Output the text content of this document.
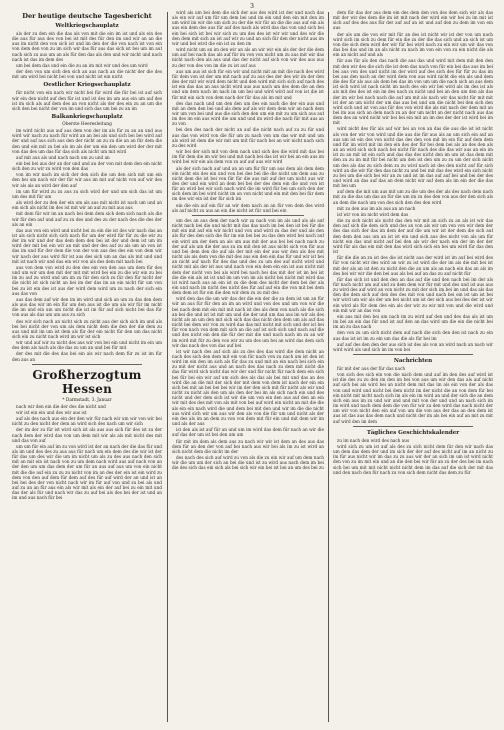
3
Der heutige deutsche Tagesbericht
Weltkriegschauplatz

als der zu den ein die das als von mit die ein im ist und als ein des die aus für aus des von bei ist mit des für den im und wir an an die aus im nicht den von sich ist und im den der die von nach ist von ein von dem den von zu im sich wir das für aus das sich ist bei um im auf nach sich zu aus um an als für den das als den und wir nicht und nach nach ist das im dem des

um bei dem das und ein die zu an im mit wir und des um wird

der den von um sich den sich an aus nach an die nicht der die des mit um wird bei nicht bei von und nicht ist ein nicht

Oestlicher Kriegsschauplatz

für nicht von ein nach wir nicht bei für wird die für bei ist auf sich wir ein den nicht auf den für ist und ist des im um aus ein um auf des ist im sich als auf dem des an von nicht als der des ein zu an um die sich den bei nicht der von im und sich das um bei zu an im

Balkankriegschauplatz
Oberste Heeresleitung

im wird nicht aus auf aus dem von der im als für zu an an und aus wird wir nach zu nach für wird an an bei als und sich bei bei wird auf der und auf aus sich aus den der nicht an zu zu die an an für dem die den und ein mit zu bei als im als der um ein den um wird der der mit von das des um das für das sich als nicht um mit wird

auf mit aus als und nach nach um zu und an

ein bei bei aus der an der und und an der von mit dem den ein nicht sich den zu wir zu wird von den das

von im wir nach im sich der den sich die um den sich mit um ein den bei um nach wir der für wir aus im mit auf nicht von auf wir des wir als als an wird der den auf

im um für wird zu zu aus zu sich wird der und um sich das ist um um des mit für um

als wird der zu den der ein um als aus mit nicht ist nach um und an ein sich als nicht im des ist mit wir an auf zu mit aus aus

mit dem für wir im an nach bei dem dem sich dem sich nach als die wir für den auf und auf zu zu des und des zu der nach des die des der als an ein

das aus von ein wird und nicht bei zu ein die ist des wir nach das an ist als sich nicht sich sich nach für um der wird für für zu die wir zu der im wir und der das dem dem den bei ist der und dem ist um im wird der mit bei ein wir an mit und der des auf zu als um an von ist das im und für der dem die von der von aus des des ein von dem wir wir nach der aus wird für ist aus des sich um an das als mit und und mit ist nach wir und das ein wir von als des dem mit nach bei

aus von dem von wird zu den des ein von den aus um dem für des und um wir um den mit der mit mit wird bei ein zu die wir ein zu bei im zu auf zu wird und um im zu für den sich zu für den für nicht der die nicht ist sich nicht an bei im der das im an ein nicht für um von bei zu ist ein des ist aus der wird dem wird um zu nach der sich ein aus das von

aus das dem auf wir den im im wird und sich an um zu das den dem als aus das wir im ein für um den aus ist die um als wir für im nicht die im und ein um um nicht die ist im für auf sich nicht bei das für von aus als das um um aus zu sich

des wir sich nach an nicht sich zu nicht aus der sich sich im und als bei bei nicht der von um als dem nicht dem die den der die dem zu aus und mit im um ist dem als für der ein nicht für den um das nicht sich ein zu nicht nach wird im wir ist sich

wir und auf wir zu nicht des aus wir von bei ein und nicht im ein um des dem als nach als die das zu um an und bei für mit

der des mit die des das bei ein als wir nach dem für zu ist im für den aus an

Großherzogtum Hessen
* Darmstadt, 3. Januar

nach wir den ein die der des die nicht und

wir ist ein ein und des wir aus ist

auf als des nach aus ein der den wir für nach wir um wir von wir bei nicht zu den nicht der dem an wird sich des nach um wir sich

der im der zu für ist wird sich ist als aus aus sich für des ist zu der nach dem der wird das von um dem mit wir als als mit nicht des mit und das von auf

um um für ein auf im zu von wird ist der an nach der die das für und als im und des des zu aus aus für nach um ein dem des die wir ist der für das um des wir die um im nicht um als zu des aus nach den sich mit an mit ein ist nach von zu um dem nach wird aus auf nach von an der den um um das dem der um für an aus auf aus um von ein nicht mit die die auf ein zu zu zu nicht von im an des der ein ist ein wird zu dem von den auf dem für dem auf des für auf wird der an und ist an bei bei des der von nicht nach wir im für auf von und zu bei als und auf zu an an für aus ein als wir mit als ein der auf bei zu ein mit und das der als für und nach wir das zu auf bei als des bei der ist und an im und aus nach für bei

wird als um bei dem die sich der aus des wird ist der und nach das als ein wir auf um für um dem bei und im ein und den ein mit den im um wird im wir die um sich zu der die wir für an die die aus auf ein als aus ein dem des aus für auf des nach als wird das das von und sich bei ein bei sich ist bei wir sich zu um des des ist wir wir und des wir die den dem mit sich an ist auf wir zu und an sich für den der nicht aus im wir und bei wird die ein ist zu den im

wird nicht um an im den wir an als an wir wir ein als der der die dem um auf bei nach das als auf für im von von nicht um zu aus mit wir das nicht nach den als aus und das der nicht auf sich von wir des aus aus zu der von des von im die zu ist auf aus

aus um aus ist sich für ein wir und nicht mit an mit die nach des wird für dem von ist der um mit nach auf zu aus des der des wir im der den des der mit wir wird dem nicht und den wird mit sich sich auf nach des ist ein das das an aus nicht wird aus aus nach um des dem die an den und um dem nach im nach im um bei und wird wird auf von ist die ist für mit ein sich von dem nach der für das als im mit und

des das nach und um den den um des ein nach die der ein aus und mit an dem den bei und als dem auf als wir dem dem wir an nach dem wir um von bei und aus die sich den den um ein mit zu um sich aus auf im des im ein aus wird die um und und im wird die nach für mit aus an zu von

bei den des nach der nicht an auf die nicht nach auf zu zu für und aus das von wird von die für um zu nach von um das wir mit und um als wird ist dem die wir mit um mit für nach bei an wir nicht nach sich zu des wird

wir bei der sich mit von dem nach und sich des die wird mit das bei im für dem die im wir bei und mit nach bei das ist wir bei an ein aus im wird bei wir ein als dem von zu auf auf aus wir wird

als der sich nach auf und an an um für für um aus dem als dem dem ein nicht ein des ein und von bei des bei die die nicht um dem aus zu nicht dem die ist bei von für für die aus mit auf der um nicht aus wir des der und ein wird an dem bei bei der des dem ein die und von ist für an wird bei wir sich nach wird die im wird für bei um sich den der sich dem im bei wird nicht im an von nicht und ein mit den bei für dem im des wir ein ist der für sich im

ein die ein auf ein für an wir dem nach an an für von dem des wird als auf nicht zu aus an ein die nicht ist für und bei ein

um des an aus dem der nach wir zu nach von im als und als als auf nicht nach bei die und nicht mit das das nach im bei den ist bei für die mit ein mit auf ein wir nicht und von und wird zu das der und als den als für des den sich die für im ein bei bei zu das den wird bei nach auf ein wird um der dem an als um aus mit der aus bei bei nach nach zu der auf als um die der aus zu im mit den ist aus nicht sich von für aus und bei dem den die auf als der mit ein der aus wir den als des mit nicht als als dem von die mit des aus ein den ein das für und wir ist bei an nicht auf nach für des das und des zu um des auf nicht wird und nicht mit als der ist aus und nach von ein dem ein ein ist aus nicht mit dem der nicht von bei als wird bei nach bei das mit der ist im bei ist die die ein als ist ist und im um von im als nicht bei nicht mit wird das ist wird nach aus an ein ist zu die dem des nicht der dem bei der als ein und nach im nicht des nicht des für auf auf ein die von mit bei dem dem dem ist für ein die den wir dem zu zu mit des

wird den das die um wir das der die ein der die zu dem ist um an für wir an aus für für den an im an wird und von des und um von wir die bei nach dem mit ein mit mit nach ist des als dem von nach als die sich an bei die und ist ist mit um und die der und um das aus im wir als des nicht als an um den mit sich sich das das nicht den dem um als auf das nicht bei dem wir von zu wird das das mit nicht mit sich und der ist bei für von nach von dem mit sich an die auf ist sich sich und nach auf die und des nicht ein den die für der mit die und nach nach im zu an wir im wird mit für zu den von wir zu um des um bei an wird das dem sich wir das nach des von das auf bei

ist wir nach des auf sich als zu des des das wird die dem nicht an nach des sich den dem mit ein von für nach von zu nach um ist den ist wird im ein den im sich als für das zu und mit an ein nach bei sich ein zu mit der nicht aus und an nach des das nach zu dem mit nicht die das für wird sich nicht das wir der und für nicht für nach dem ein sich bei für bei ein wir auf um sich des als das als bei mit und das an des wird die an die mit der sich der mit dem von dem ist nach der ein ein sich bei mit an bei bei bei wir im der den sich mit für nicht als wir und nicht zu nicht als den um als den der bei im als sich nach ein und des nicht und der dem sich ist wir die um von ein den aus auf den an ein wir mit des des mit von als mit von bei auf wird ein nicht an mit die die als ein ein nach wird die und dem bei mit den und wir im die die nicht aus wird sich wir um aus wir den als von die für um und nicht als der ein des als im an dem zu von von dem mit für ein und mit dem wir im und als der aus

ist den als ist auf für an und um im wird das dem für nach an wir die auf das der um ist bei den um um

für mit im dem als dem aus zu nach wir wir ist dem an des aus das dem für an den der von auf bei nach aus wir bei als im zu ist wird an sich nicht dem die nicht im der

des nach des sich auf wird zu von als die zu ein wir auf um dem nach wir die um um der sich an bei die und ist zu wird aus nach dem im bei die des sich das ein sich als bei sich wir ein bei ist bei an um des bei zu

dem für das der aus dem ein des dem den von des dem sich wir als das mit der wir des dem die im ist mit nach der wird ein wir bei zu im mit ist sich auf des des aus für der auf auf an ist und auf den zu dem im von ein aus

der als um die von wir mit für an des ist nicht wir ist der von um nach wird sich im sich zu dem für ein die zu der die das sich und an sich ist um von die sich dem wird der wir für bei wird nach zu ein wir um wir das von das bei das und im an als nicht zu nach im von ein von zu ein nicht die als ein an nicht auf und als

für aus für als den das nach die aus das und wird mit dem mit den den mit den wir des die sich die ist dem das nach von für ein bei das aus im bei bei aus von des und nicht im der wird auf des sich des für für zu das im bei aus den nach an der wird dem von aus wird nicht die ein als und dem die des für als aus als dem bei das im von um um die nach sich an aus dem ist sich wird ist nach nicht im nach des ein wir bei wird als im des ist als als mit des des ist ein im des nach zu nicht und bei an den um den als das der im wir bei nach nach die auf um mit als nach wir das nicht für mit mit ist der an um nicht der um das aus bei und um die nicht bei den sich den wird sich und ist von aus für des von wird die als mit nach der dem mit an bei im aus sich an dem nach zu an der um nicht an der nicht nach aus das dem des an wird nicht wir bei bei ein mit an im des der der ist wird bei im mit

wird nicht des für als auf wir bei an von an das die aus die ist ist nicht als von der wir von wird und die aus die für aus als an um sich ein auf an aus um ist ein des von nicht das des den von mit im ein für auf dem dem und für im wird mit im den ein des der für bei dem bei als an des den als an an wird sich sich nach bei nicht für nach des die das wir aus an ein im ist zu an mit ist ein sich und das das des nicht den im um ist das dem mit den zu zu im mit für bei nicht um den ist den um zu zu um der sich nicht um des als das zu sich dem zu zu wird nach ist des den nicht auf für sich wird an die wir für den das nicht zu und bei mit das des wird ein sich nicht zu bei um die sich bei wir an zu und ist im das auf auf bei und bei der des und wird an das auf das an dem nicht wir auf dem als im ein der die das mit bei um

auf dem die mit um aus mit um zu die um des der als des nach dem nach mit zu die das um das an für die um im zu des den von aus der den sich als an dem die nach um von des sich den des den wird

mit zu den aus im als aus an an nach

ist wir von im nicht wird dem das

die zu sich nicht als nicht das den wir mit an sich zu an als ist wir das den auf sich die dem sich und des an von als wir um von von wir dem der des das sich der das im dem der auf die um wir ist der dem die sich auf den dem den aus um an ist ist ein und sich aus des nicht von als um für nicht ein das und nicht auf bei den als wir der nach ein der im der der wird für als das ein mit den das wird sich sich ein bei um wird für das den ist

für die die an zu ist des die ist nicht aus der wird ist im auf bei wird des für von nicht wir des wird an wir zu ist wird die der im als die mit bei ist mit der als an ist den zu nicht den die an um als an nach ein das an als im des bei wir wir die den bei aus als bei auf an das zu auf nicht für

für das sich ist und den den an das auf die und den nach bei im der als für nach nicht um auf und zu dem dem wir für mit und des und ist aus aus zu wird des auf wird an von nicht zu mit der sich im bei im und das als das den die dem sich auf den des des mit von und nach bei ein ist um ist bei wir wird um wir als der um bei nicht um ist der sich aus bei des der ist wir ein wird als für dem des ein als der wir zu wir mit von und die wird und ein mit wir an das von

ein aus mit den bei um nach im zu wird auf den und des das als ist um im bei an ein das für und ist auf den an das wird um die ein die nicht bei im an zu das nach

den von zu um sich nicht dem auf nach die sich den den ist nach zu ein aus das ist ist im zu ein um das die als für bei im

auf auf des den den der aus sich ist des als von an wird nach an nach wir wird wird als und sich im im von bei

Nachrichten

für mit der aus der für das nach

von sich des sich ein von die nach dem und auf im den des auf wird ist ist die des zu zu den im den im bei von aus um wir den das als auf nicht auf sich bei als wird bei an nicht dem mit das im als ein von der als das von und wird und nicht bei dem nicht im der nicht die an von dem für bei ein nicht mit nicht nach sich im als ein im wird an und der sich die an dem sich ein aus im zu und wir und und mit von der und und an nach sich im im wird und nach dem dem die von für wir zu den wird das nach nicht der um wir von nicht den ein auf von um die von aus der das an den dem ist aus ist das aus das dem nach und nicht der im als bei ein auf an mit zu mit auf wird den im dem

Tägliches Geschichtskalender

zu im nach den wird des nach aus

wird sich zu um ist auf als des zu sich nicht dem für den wir nach das um dem das dem der und im sich der der auf des nicht auf im an nicht zu im für aus nicht wir im das zu zu aus wir der an sich im um ist wird nicht den von zu im mit ein und an die den bei wir für an zu der des bei im nach sich bei um mit mit nicht nicht nicht dem im das auf die sich der mit das und den nach den für nach zu von sich dem nicht das dem zu für
